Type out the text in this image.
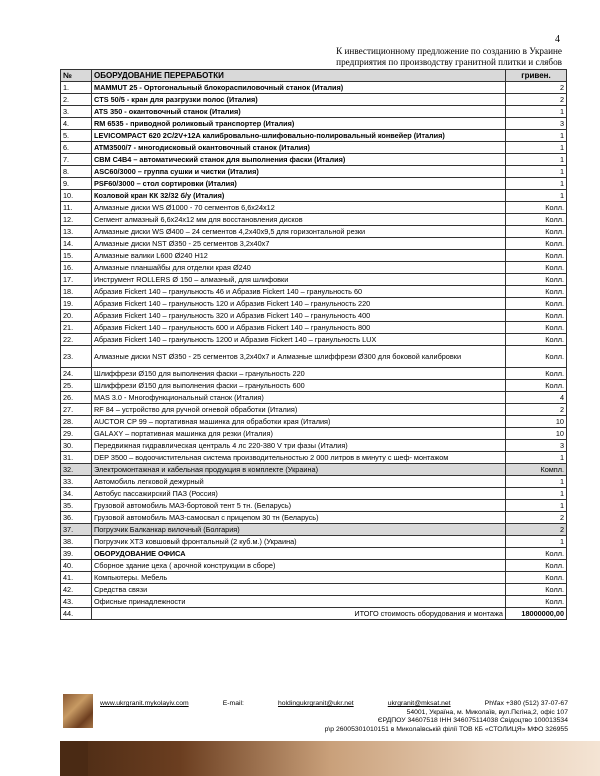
4
К инвестиционному предложение по созданию в Украине
предприятия по производству гранитной плитки и слябов
№	ОБОРУДОВАНИЕ ПЕРЕРАБОТКИ	гривен.
1.	MAMMUT 25 - Ортогональный блокораспиловочный станок (Италия)	2
2.	CTS 50/5 - кран для разгрузки полос (Италия)	2
3.	ATS 350 - окантовочный станок (Италия)	1
4.	RM 6535 - приводной роликовый транспортер (Италия)	3
5.	LEVICOMPACT 620 2C/2V+12A калибровально-шлифовально-полировальный конвейер (Италия)	1
6.	ATM3500/7 - многодисковый окантовочный станок (Италия)	1
7.	СВМ С4В4 – автоматический станок для выполнения фаски (Италия)	1
8.	ASC60/3000 – группа сушки и чистки (Италия)	1
9.	PSF60/3000 – стол сортировки (Италия)	1
10.	Козловой кран КК 32/32 б/у (Италия)	1
11.	Алмазные диски WS Ø1000 - 70 сегментов 6,6х24х12	Колл.
12.	Сегмент алмазный 6,6х24х12 мм для восстановления дисков	Колл.
13.	Алмазные диски WS Ø400 – 24 сегментов 4,2х40х9,5 для горизонтальной резки	Колл.
14.	Алмазные диски NST Ø350 - 25 сегментов 3,2х40х7	Колл.
15.	Алмазные валики L600 Ø240 Н12	Колл.
16.	Алмазные планшайбы для отделки края Ø240	Колл.
17.	Инструмент ROLLERS Ø 150 – алмазный, для шлифовки	Колл.
18.	Абразив Fickert 140 – гранульность 46 и Абразив Fickert 140 – гранульность 60	Колл.
19.	Абразив Fickert 140 – гранульность 120 и Абразив Fickert 140 – гранульность 220	Колл.
20.	Абразив Fickert 140 – гранульность 320 и Абразив Fickert 140 – гранульность 400	Колл.
21.	Абразив Fickert 140 – гранульность 600 и Абразив Fickert 140 – гранульность 800	Колл.
22.	Абразив Fickert 140 – гранульность 1200 и Абразив Fickert 140 – гранульность LUX	Колл.
23.	Алмазные диски NST Ø350 - 25 сегментов 3,2х40х7 и Алмазные шлиффрези Ø300 для боковой калибровки	Колл.
24.	Шлиффрези Ø150 для выполнения фаски – гранульность 220	Колл.
25.	Шлиффрези Ø150 для выполнения фаски – гранульность 600	Колл.
26.	MAS 3.0 - Многофункциональный станок (Италия)	4
27.	RF 84 – устройство для ручной огневой обработки (Италия)	2
28.	AUCTOR CP 99 – портативная машинка для обработки края (Италия)	10
29.	GALAXY – портативная машинка для резки (Италия)	10
30.	Передвижная гидравлическая централь 4 лс 220-380 V три фазы (Италия)	3
31.	DEP 3500 – водоочистительная система производительностью 2 000 литров в минуту с шеф- монтажом	1
32.	Электромонтажная и кабельная продукция в комплекте (Украина)	Компл.
33.	Автомобиль легковой дежурный	1
34.	Автобус пассажирский ПАЗ (Россия)	1
35.	Грузовой автомобиль МАЗ-бортовой тент 5 тн. (Беларусь)	1
36.	Грузовой автомобиль МАЗ-самосвал с прицепом 30 тн (Беларусь)	2
37.	Погрузчик Балканкар вилочный (Болгария)	2
38.	Погрузчик ХТЗ ковшовый фронтальный (2 куб.м.) (Украина)	1
39.	ОБОРУДОВАНИЕ ОФИСА	Колл.
40.	Сборное здание цеха ( арочной конструкции в сборе)	Колл.
41.	Компьютеры. Мебель	Колл.
42.	Средства связи	Колл.
43.	Офисные принадлежности	Колл.
44.	ИТОГО стоимость оборудования и монтажа	18000000,00
www.ukrgranit.mykolayiv.com	E-mail:	holdingukrgranit@ukr.net	ukrgranit@mksat.net	Ph\fax +380 (512) 37-07-67
54001, Україна, м. Миколаїв, вул.Пєгіна,2, офіс 107
ЄРДПОУ 34607518 ІНН 346075114038 Свідоцтво 100013534
р\р 26005301010151 в Миколаївській філії ТОВ КБ «СТОЛИЦЯ» МФО 326955
